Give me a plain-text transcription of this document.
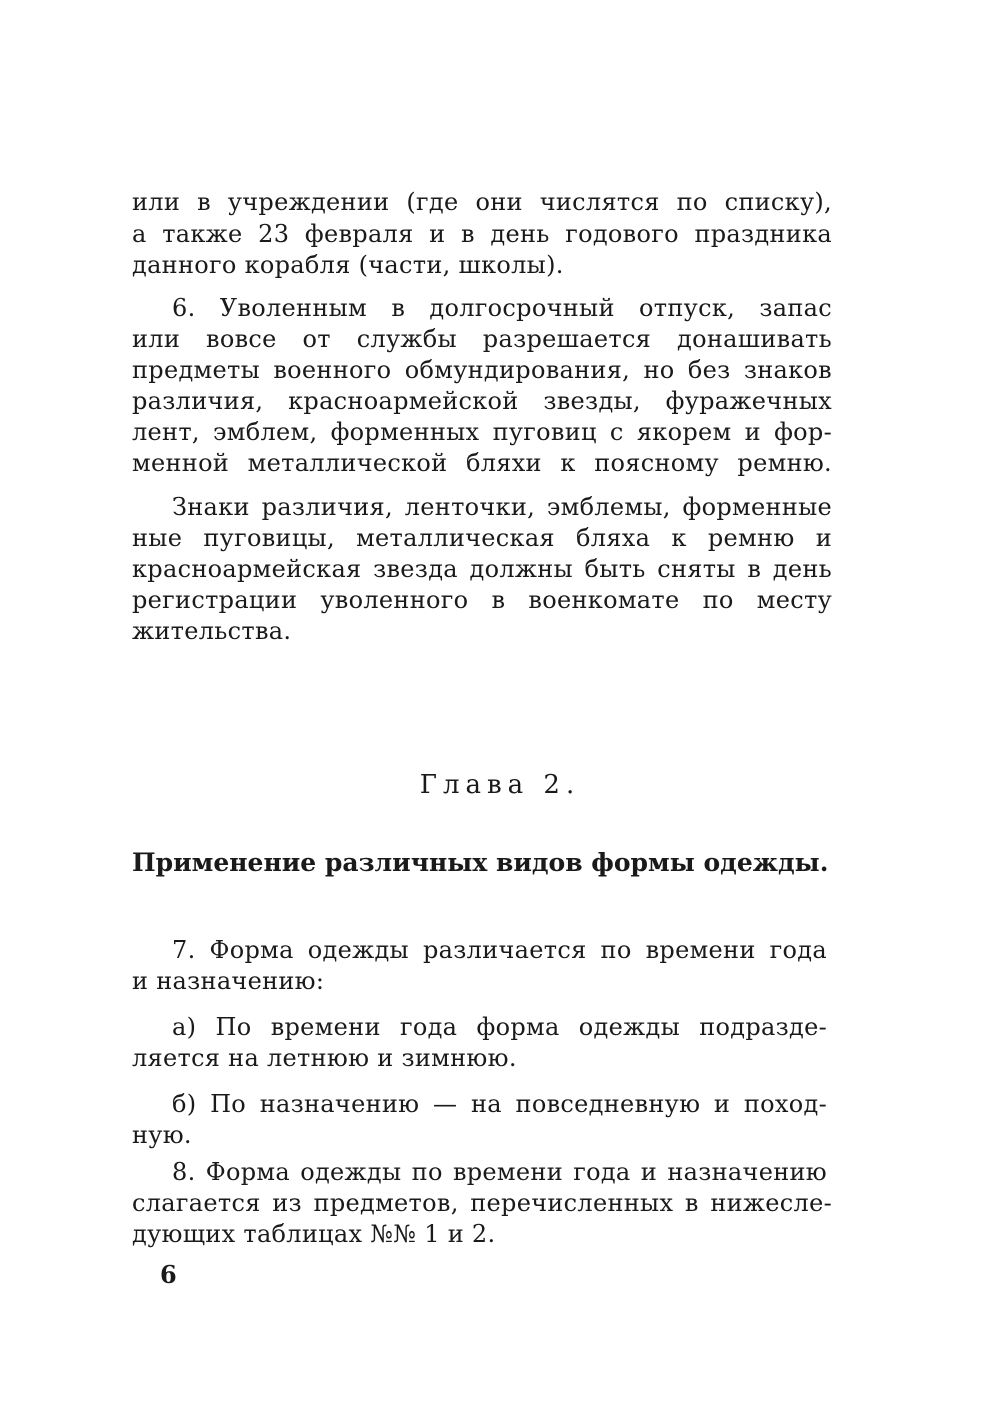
или в учреждении (где они числятся по списку),
а также 23 февраля и в день годового праздника
данного корабля (части, школы).
6. Уволенным в долгосрочный отпуск, запас
или вовсе от службы разрешается донашивать
предметы военного обмундирования, но без знаков
различия, красноармейской звезды, фуражечных
лент, эмблем, форменных пуговиц с якорем и фор-
менной металлической бляхи к поясному ремню.
Знаки различия, ленточки, эмблемы, форменные
ные пуговицы, металлическая бляха к ремню и
красноармейская звезда должны быть сняты в день
регистрации уволенного в военкомате по месту
жительства.
Глава 2.
Применение различных видов формы одежды.
7. Форма одежды различается по времени года
и назначению:
а) По времени года форма одежды подразде-
ляется на летнюю и зимнюю.
б) По назначению — на повседневную и поход-
ную.
8. Форма одежды по времени года и назначению
слагается из предметов, перечисленных в нижесле-
дующих таблицах №№ 1 и 2.
6
